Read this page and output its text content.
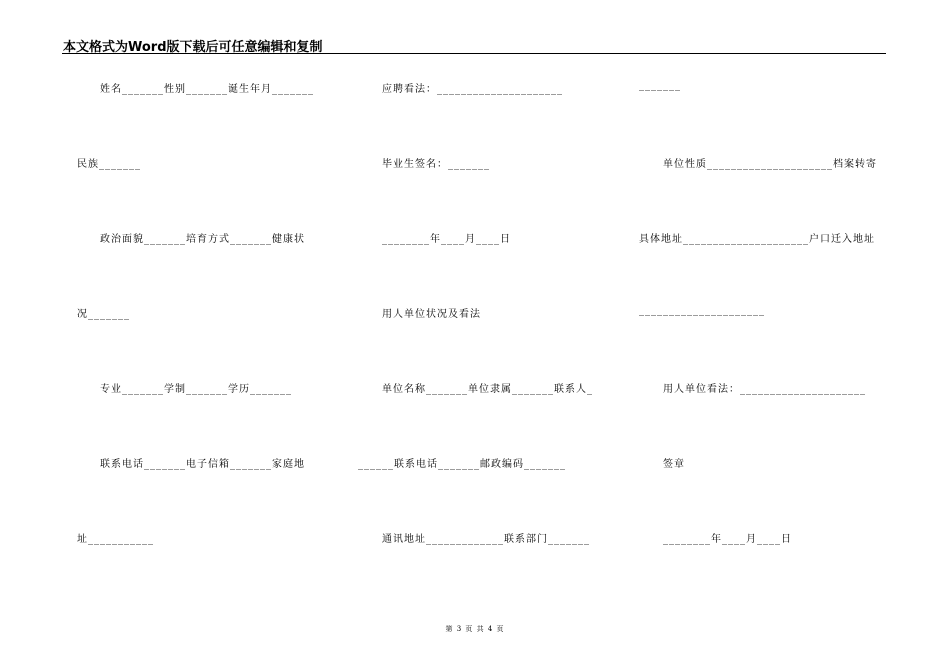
本文格式为Word版下载后可任意编辑和复制
姓名_______性别_______诞生年月_______
民族_______
政治面貌_______培育方式_______健康状
况_______
专业_______学制_______学历_______
联系电话_______电子信箱_______家庭地
址___________
应聘看法：_____________________
毕业生签名：_______
________年____月____日
用人单位状况及看法
单位名称_______单位隶属_______联系人_
______联系电话_______邮政编码_______
通讯地址_____________联系部门_______
_______
单位性质_____________________档案转寄
具体地址_____________________户口迁入地址
_____________________
用人单位看法：_____________________
签章
________年____月____日
第 3 页 共 4 页
